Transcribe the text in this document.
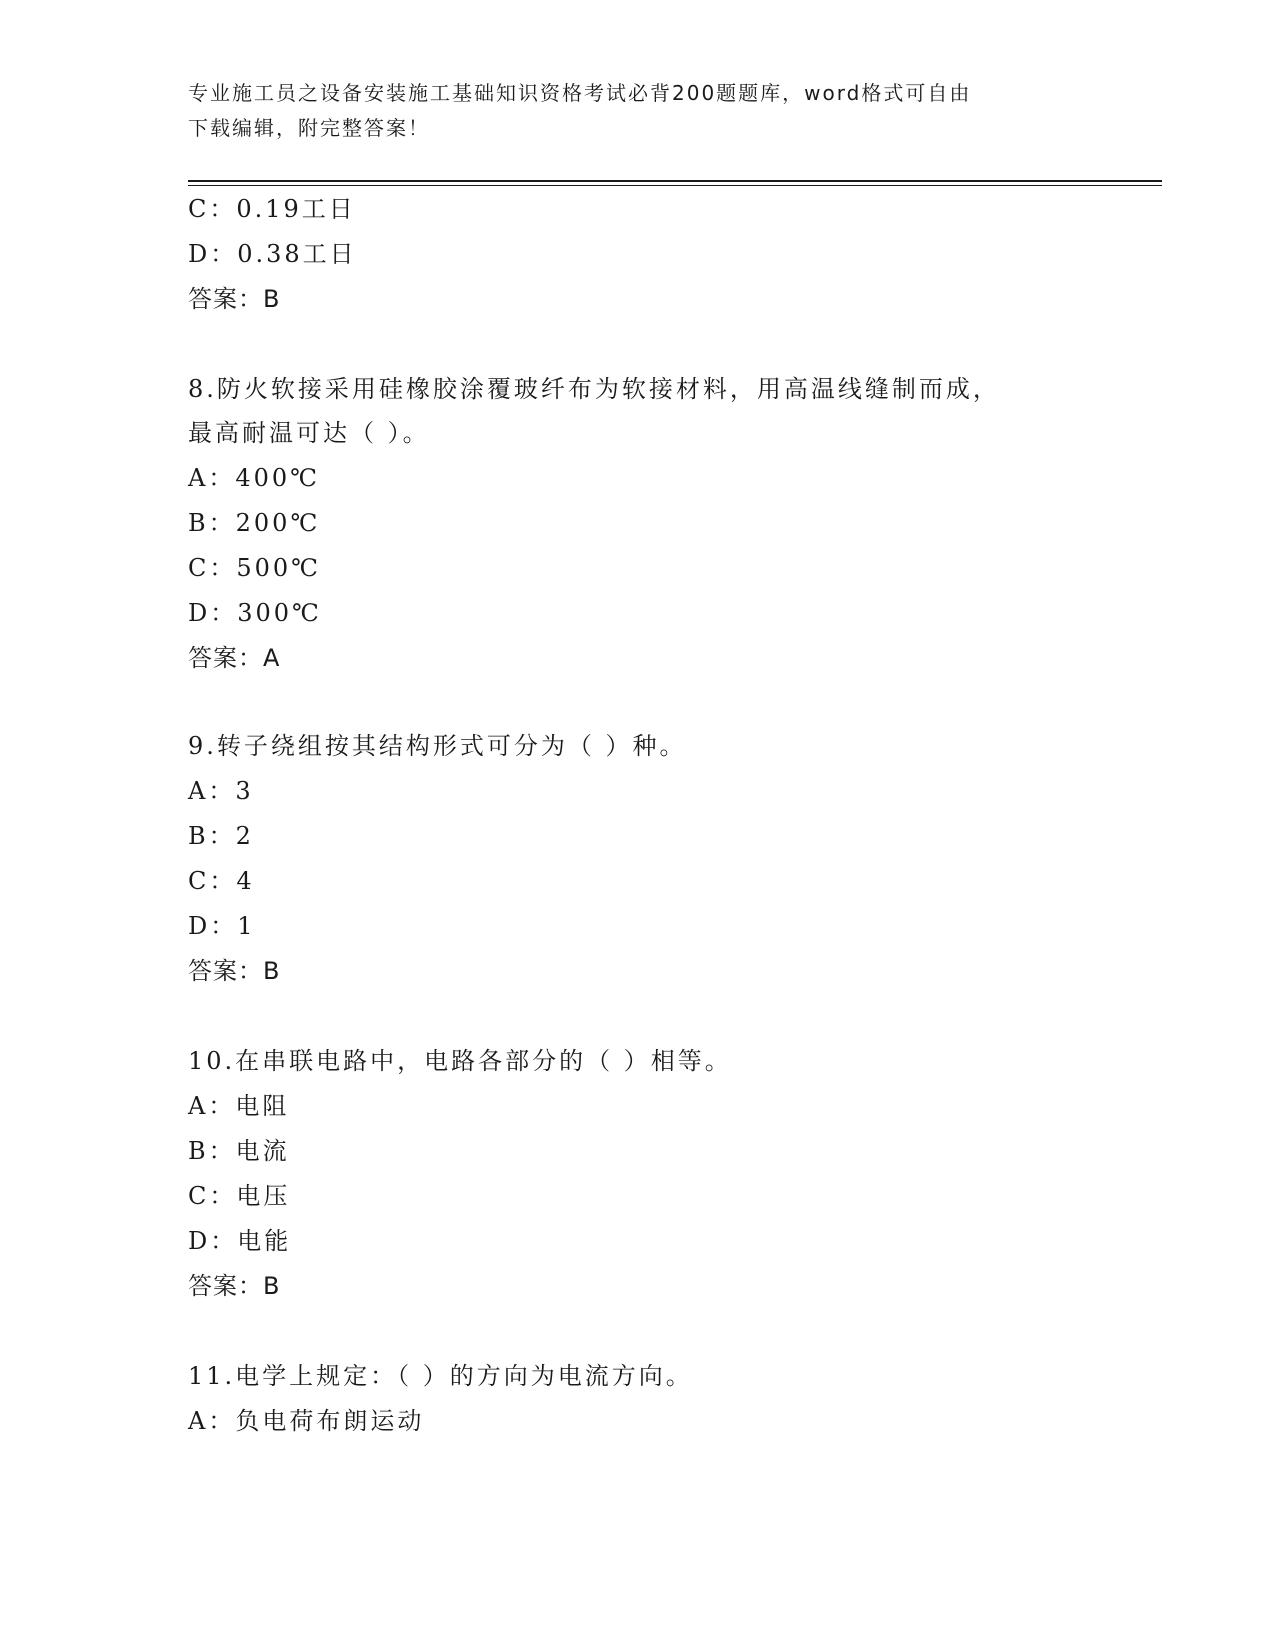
专业施工员之设备安装施工基础知识资格考试必背200题题库，word格式可自由
下载编辑，附完整答案！
C：0.19工日
D：0.38工日
答案：B
8.防火软接采用硅橡胶涂覆玻纤布为软接材料，用高温线缝制而成，
最高耐温可达（ ）。
A：400℃
B：200℃
C：500℃
D：300℃
答案：A
9.转子绕组按其结构形式可分为（ ）种。
A：3
B：2
C：4
D：1
答案：B
10.在串联电路中，电路各部分的（ ）相等。
A：电阻
B：电流
C：电压
D：电能
答案：B
11.电学上规定：（ ）的方向为电流方向。
A：负电荷布朗运动
